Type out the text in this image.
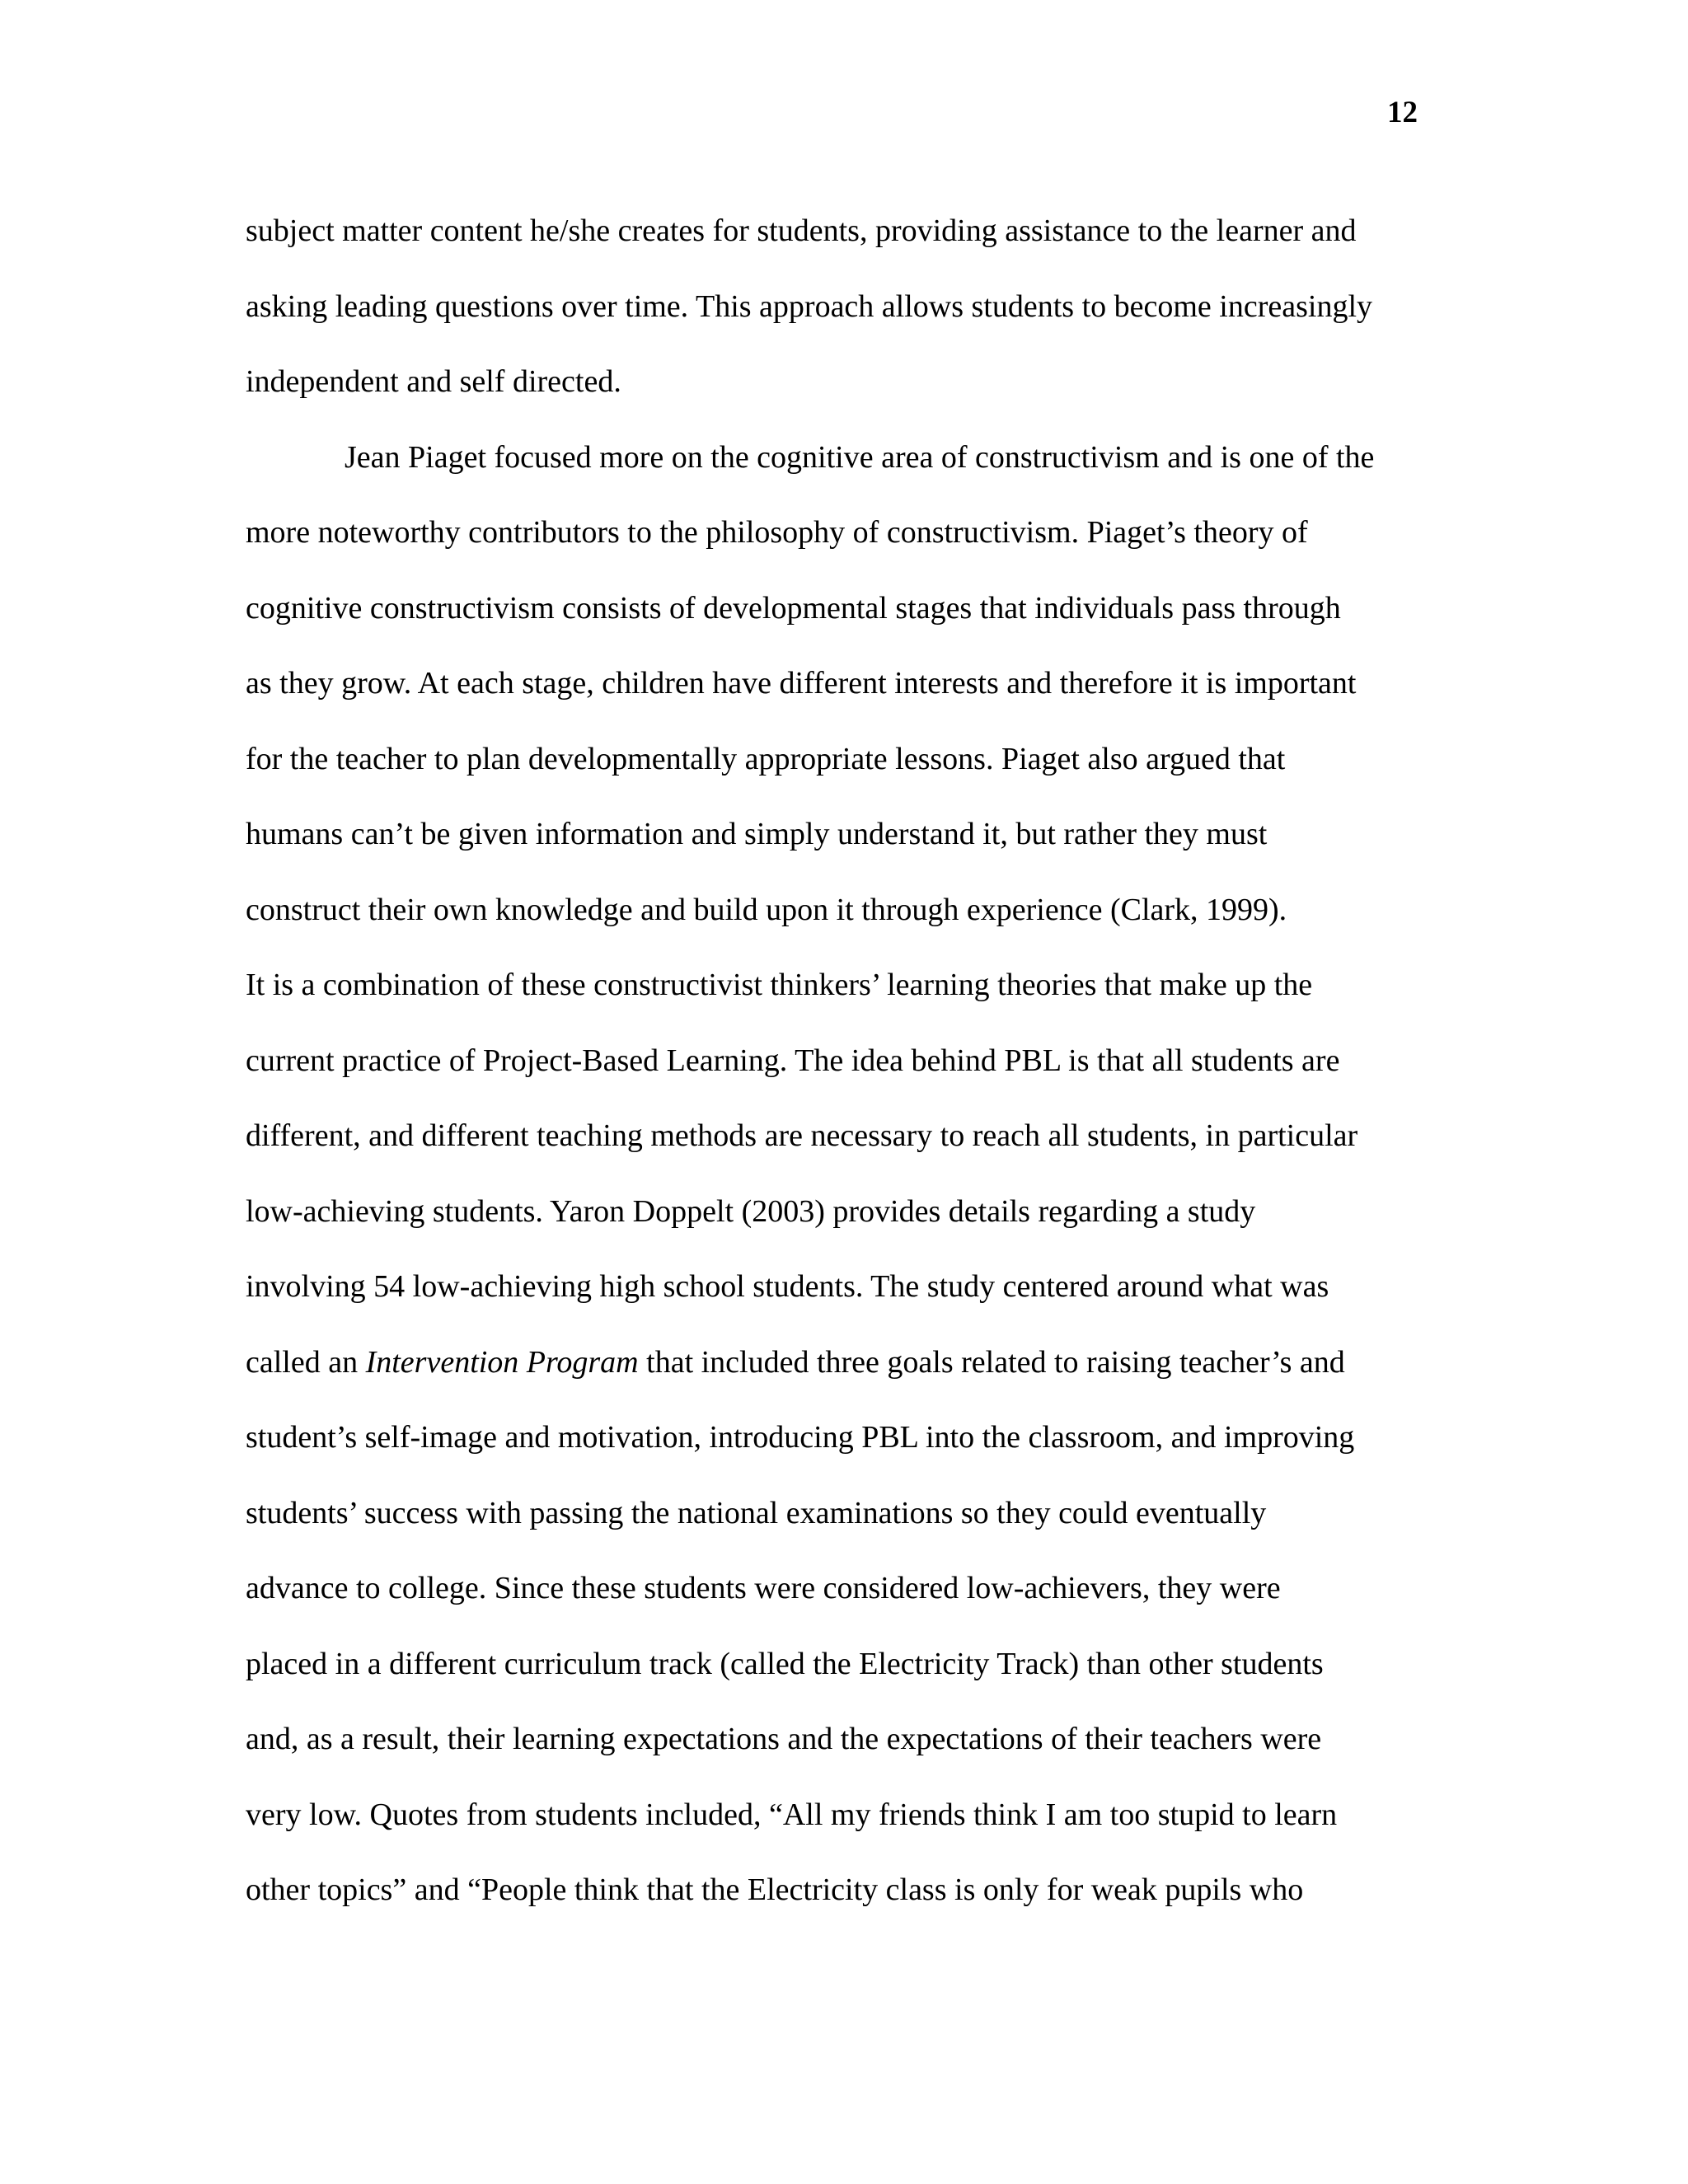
12
subject matter content he/she creates for students, providing assistance to the learner and
asking leading questions over time. This approach allows students to become increasingly
independent and self directed.
Jean Piaget focused more on the cognitive area of constructivism and is one of the
more noteworthy contributors to the philosophy of constructivism. Piaget’s theory of
cognitive constructivism consists of developmental stages that individuals pass through
as they grow. At each stage, children have different interests and therefore it is important
for the teacher to plan developmentally appropriate lessons. Piaget also argued that
humans can’t be given information and simply understand it, but rather they must
construct their own knowledge and build upon it through experience (Clark, 1999).
It is a combination of these constructivist thinkers’ learning theories that make up the
current practice of Project-Based Learning. The idea behind PBL is that all students are
different, and different teaching methods are necessary to reach all students, in particular
low-achieving students. Yaron Doppelt (2003) provides details regarding a study
involving 54 low-achieving high school students. The study centered around what was
called an Intervention Program that included three goals related to raising teacher’s and
student’s self-image and motivation, introducing PBL into the classroom, and improving
students’ success with passing the national examinations so they could eventually
advance to college. Since these students were considered low-achievers, they were
placed in a different curriculum track (called the Electricity Track) than other students
and, as a result, their learning expectations and the expectations of their teachers were
very low. Quotes from students included, “All my friends think I am too stupid to learn
other topics” and “People think that the Electricity class is only for weak pupils who
